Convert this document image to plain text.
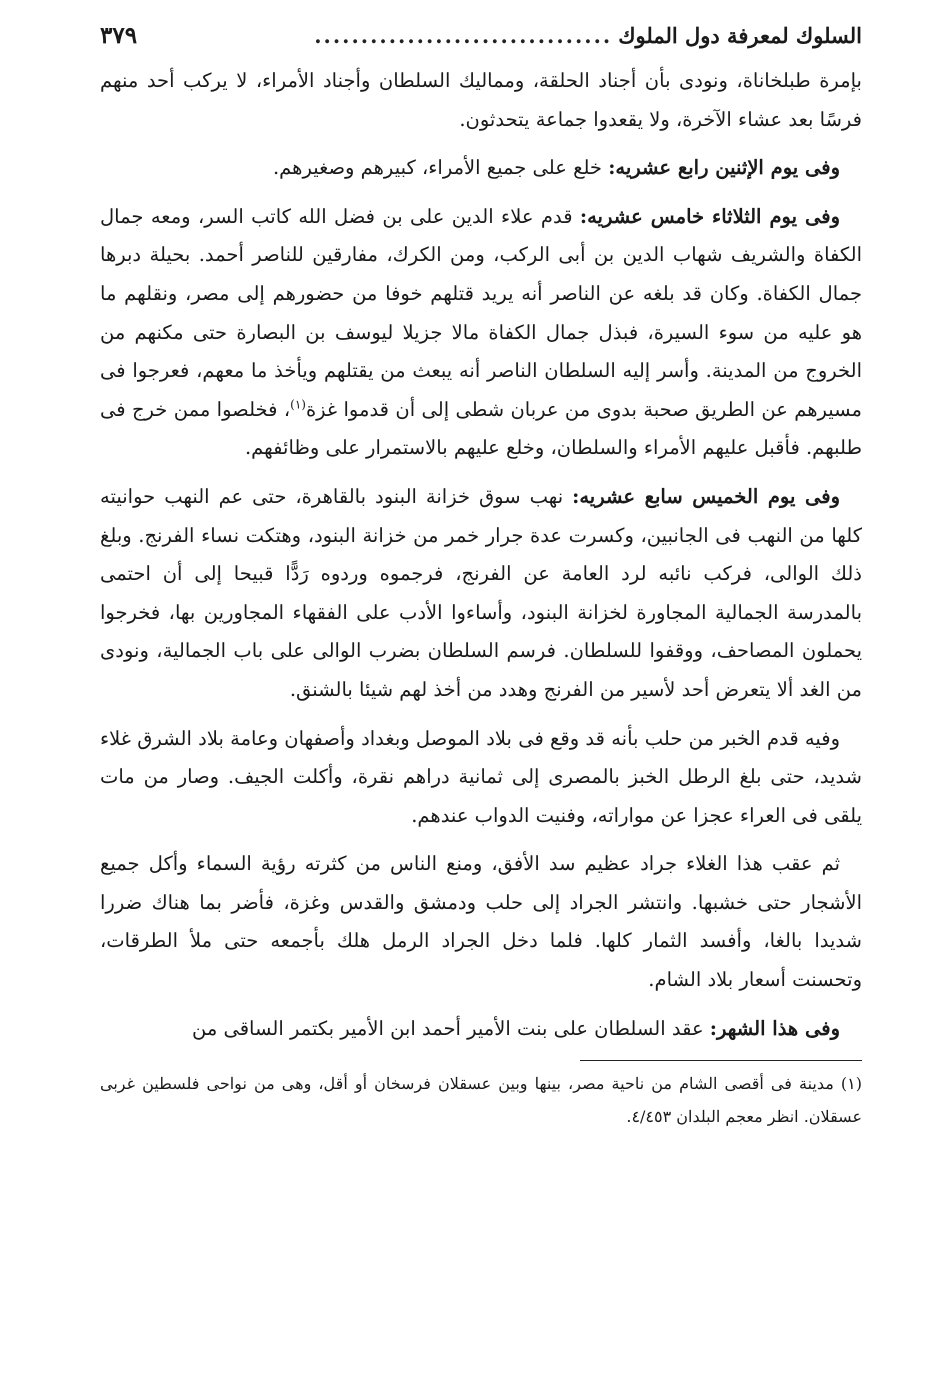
السلوك لمعرفة دول الملوك
................................
٣٧٩

بإمرة طبلخاناة، ونودى بأن أجناد الحلقة، ومماليك السلطان وأجناد الأمراء، لا يركب أحد منهم فرسًا بعد عشاء الآخرة، ولا يقعدوا جماعة يتحدثون.

وفى يوم الإثنين رابع عشريه: خلع على جميع الأمراء، كبيرهم وصغيرهم.

وفى يوم الثلاثاء خامس عشريه: قدم علاء الدين على بن فضل الله كاتب السر، ومعه جمال الكفاة والشريف شهاب الدين بن أبى الركب، ومن الكرك، مفارقين للناصر أحمد. بحيلة دبرها جمال الكفاة. وكان قد بلغه عن الناصر أنه يريد قتلهم خوفا من حضورهم إلى مصر، ونقلهم ما هو عليه من سوء السيرة، فبذل جمال الكفاة مالا جزيلا ليوسف بن البصارة حتى مكنهم من الخروج من المدينة. وأسر إليه السلطان الناصر أنه يبعث من يقتلهم ويأخذ ما معهم، فعرجوا فى مسيرهم عن الطريق صحبة بدوى من عربان شطى إلى أن قدموا غزة$^{(١)}$، فخلصوا ممن خرج فى طلبهم. فأقبل عليهم الأمراء والسلطان، وخلع عليهم بالاستمرار على وظائفهم.

وفى يوم الخميس سابع عشريه: نهب سوق خزانة البنود بالقاهرة، حتى عم النهب حوانيته كلها من النهب فى الجانبين، وكسرت عدة جرار خمر من خزانة البنود، وهتكت نساء الفرنج. وبلغ ذلك الوالى، فركب نائبه لرد العامة عن الفرنج، فرجموه وردوه رَدًّا قبيحا إلى أن احتمى بالمدرسة الجمالية المجاورة لخزانة البنود، وأساءوا الأدب على الفقهاء المجاورين بها، فخرجوا يحملون المصاحف، ووقفوا للسلطان. فرسم السلطان بضرب الوالى على باب الجمالية، ونودى من الغد ألا يتعرض أحد لأسير من الفرنج وهدد من أخذ لهم شيئا بالشنق.

وفيه قدم الخبر من حلب بأنه قد وقع فى بلاد الموصل وبغداد وأصفهان وعامة بلاد الشرق غلاء شديد، حتى بلغ الرطل الخبز بالمصرى إلى ثمانية دراهم نقرة، وأكلت الجيف. وصار من مات يلقى فى العراء عجزا عن مواراته، وفنيت الدواب عندهم.

ثم عقب هذا الغلاء جراد عظيم سد الأفق، ومنع الناس من كثرته رؤية السماء وأكل جميع الأشجار حتى خشبها. وانتشر الجراد إلى حلب ودمشق والقدس وغزة، فأضر بما هناك ضررا شديدا بالغا، وأفسد الثمار كلها. فلما دخل الجراد الرمل هلك بأجمعه حتى ملأ الطرقات، وتحسنت أسعار بلاد الشام.

وفى هذا الشهر: عقد السلطان على بنت الأمير أحمد ابن الأمير بكتمر الساقى من

(١) مدينة فى أقصى الشام من ناحية مصر، بينها وبين عسقلان فرسخان أو أقل، وهى من نواحى فلسطين غربى عسقلان. انظر معجم البلدان ٤/٤٥٣.
